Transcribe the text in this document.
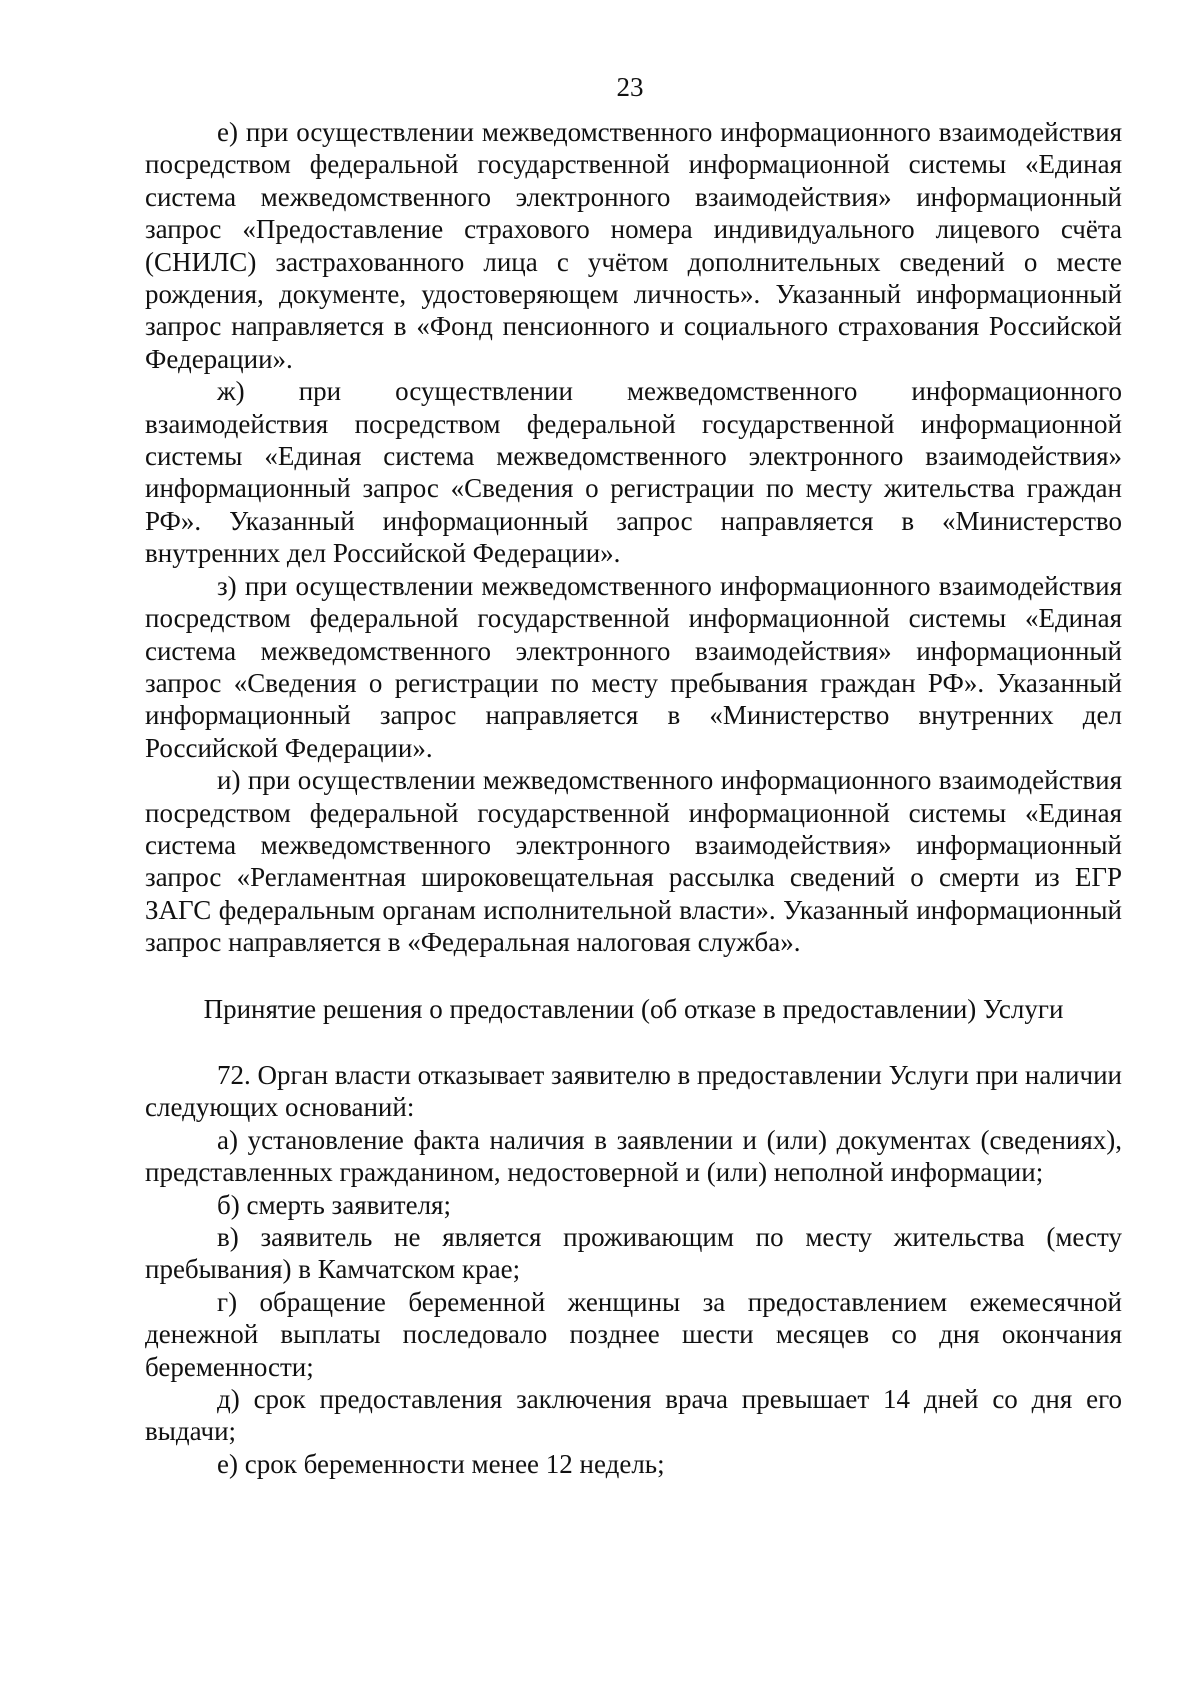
23

е) при осуществлении межведомственного информационного взаимодействия посредством федеральной государственной информационной системы «Единая система межведомственного электронного взаимодействия» информационный запрос «Предоставление страхового номера индивидуального лицевого счёта (СНИЛС) застрахованного лица с учётом дополнительных сведений о месте рождения, документе, удостоверяющем личность». Указанный информационный запрос направляется в «Фонд пенсионного и социального страхования Российской Федерации».

ж) при осуществлении межведомственного информационного взаимодействия посредством федеральной государственной информационной системы «Единая система межведомственного электронного взаимодействия» информационный запрос «Сведения о регистрации по месту жительства граждан РФ». Указанный информационный запрос направляется в «Министерство внутренних дел Российской Федерации».

з) при осуществлении межведомственного информационного взаимодействия посредством федеральной государственной информационной системы «Единая система межведомственного электронного взаимодействия» информационный запрос «Сведения о регистрации по месту пребывания граждан РФ». Указанный информационный запрос направляется в «Министерство внутренних дел Российской Федерации».

и) при осуществлении межведомственного информационного взаимодействия посредством федеральной государственной информационной системы «Единая система межведомственного электронного взаимодействия» информационный запрос «Регламентная широковещательная рассылка сведений о смерти из ЕГР ЗАГС федеральным органам исполнительной власти». Указанный информационный запрос направляется в «Федеральная налоговая служба».

Принятие решения о предоставлении (об отказе в предоставлении) Услуги

72. Орган власти отказывает заявителю в предоставлении Услуги при наличии следующих оснований:

а) установление факта наличия в заявлении и (или) документах (сведениях), представленных гражданином, недостоверной и (или) неполной информации;

б) смерть заявителя;

в) заявитель не является проживающим по месту жительства (месту пребывания) в Камчатском крае;

г) обращение беременной женщины за предоставлением ежемесячной денежной выплаты последовало позднее шести месяцев со дня окончания беременности;

д) срок предоставления заключения врача превышает 14 дней со дня его выдачи;

е) срок беременности менее 12 недель;
